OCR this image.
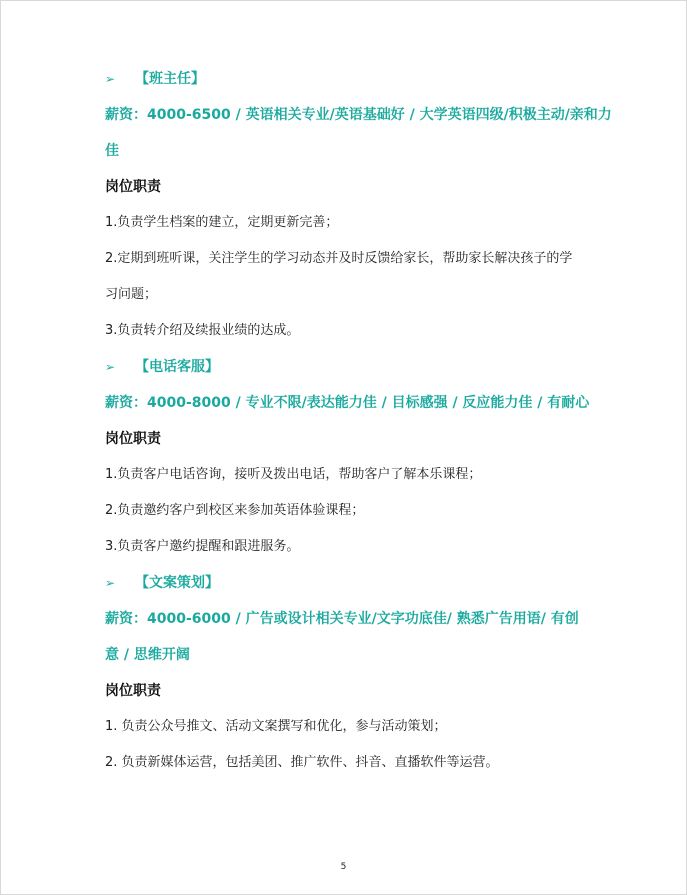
➢ 【班主任】
薪资：4000-6500 / 英语相关专业/英语基础好 / 大学英语四级/积极主动/亲和力
佳
岗位职责
1.负责学生档案的建立，定期更新完善；
2.定期到班听课，关注学生的学习动态并及时反馈给家长，帮助家长解决孩子的学
习问题；
3.负责转介绍及续报业绩的达成。
➢ 【电话客服】
薪资：4000-8000 / 专业不限/表达能力佳 / 目标感强 / 反应能力佳 / 有耐心
岗位职责
1.负责客户电话咨询，接听及拨出电话，帮助客户了解本乐课程；
2.负责邀约客户到校区来参加英语体验课程；
3.负责客户邀约提醒和跟进服务。
➢ 【文案策划】
薪资：4000-6000 / 广告或设计相关专业/文字功底佳/ 熟悉广告用语/ 有创
意 / 思维开阔
岗位职责
1. 负责公众号推文、活动文案撰写和优化，参与活动策划；
2. 负责新媒体运营，包括美团、推广软件、抖音、直播软件等运营。
5
